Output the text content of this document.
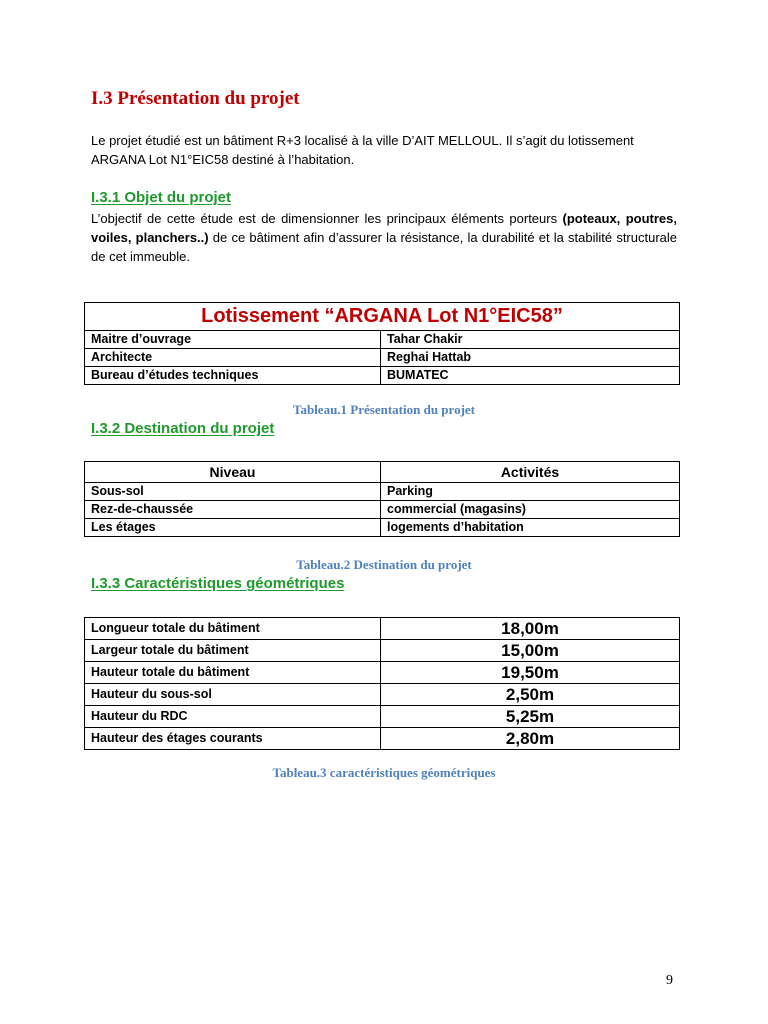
I.3 Présentation du projet
Le projet étudié est un bâtiment R+3 localisé à la ville D’AIT MELLOUL. Il s’agit du lotissement
ARGANA Lot N1°EIC58 destiné à l’habitation.
I.3.1 Objet du projet
L’objectif de cette étude est de dimensionner les principaux éléments porteurs (poteaux, poutres, voiles, planchers..) de ce bâtiment afin d’assurer la résistance, la durabilité et la stabilité structurale de cet immeuble.
Lotissement “ARGANA Lot N1°EIC58”	
Maitre d’ouvrage	Tahar Chakir
Architecte	Reghai Hattab
Bureau d’études techniques	BUMATEC
Tableau.1 Présentation du projet
I.3.2 Destination du projet
Niveau	Activités
Sous-sol	Parking
Rez-de-chaussée	commercial (magasins)
Les étages	logements d’habitation
Tableau.2 Destination du projet
I.3.3 Caractéristiques géométriques
Longueur totale du bâtiment	18,00m
Largeur totale du bâtiment	15,00m
Hauteur totale du bâtiment	19,50m
Hauteur du sous-sol	2,50m
Hauteur du RDC	5,25m
Hauteur des étages courants	2,80m
Tableau.3 caractéristiques géométriques
9
